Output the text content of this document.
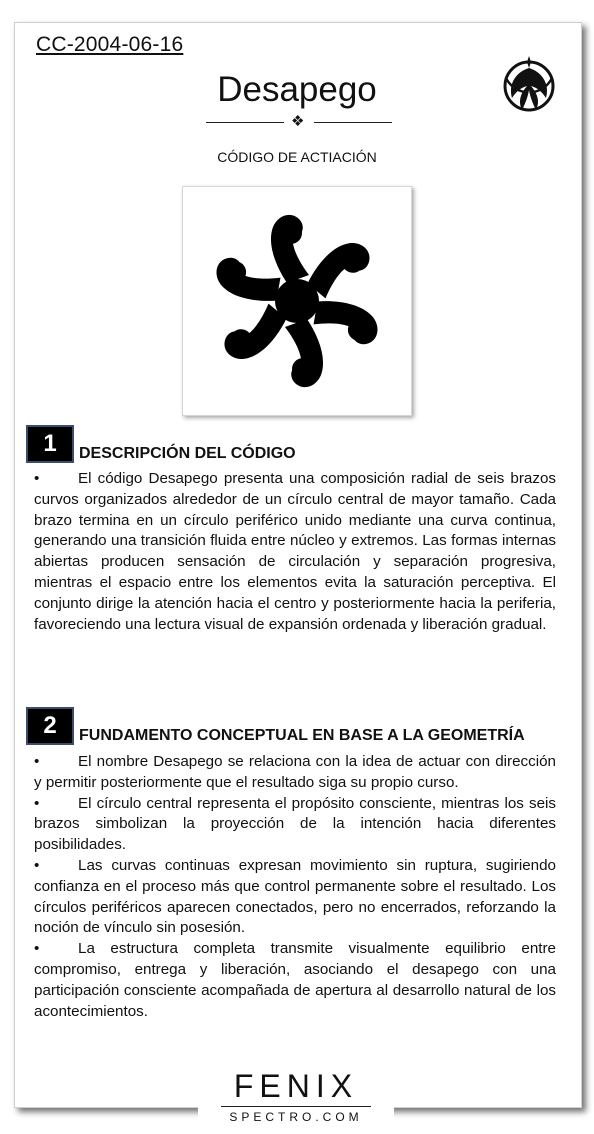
CC-2004-06-16
Desapego
❖
CÓDIGO DE ACTIACIÓN
1	DESCRIPCIÓN DEL CÓDIGO

•	El código Desapego presenta una composición radial de seis brazos curvos organizados alrededor de un círculo central de mayor tamaño. Cada brazo termina en un círculo periférico unido mediante una curva continua, generando una transición fluida entre núcleo y extremos. Las formas internas abiertas producen sensación de circulación y separación progresiva, mientras el espacio entre los elementos evita la saturación perceptiva. El conjunto dirige la atención hacia el centro y posteriormente hacia la periferia, favoreciendo una lectura visual de expansión ordenada y liberación gradual.

2	FUNDAMENTO CONCEPTUAL EN BASE A LA GEOMETRÍA

•	El nombre Desapego se relaciona con la idea de actuar con dirección y permitir posteriormente que el resultado siga su propio curso.

•	El círculo central representa el propósito consciente, mientras los seis brazos simbolizan la proyección de la intención hacia diferentes posibilidades.

•	Las curvas continuas expresan movimiento sin ruptura, sugiriendo confianza en el proceso más que control permanente sobre el resultado. Los círculos periféricos aparecen conectados, pero no encerrados, reforzando la noción de vínculo sin posesión.

•	La estructura completa transmite visualmente equilibrio entre compromiso, entrega y liberación, asociando el desapego con una participación consciente acompañada de apertura al desarrollo natural de los acontecimientos.

FENIX
SPECTRO.COM
